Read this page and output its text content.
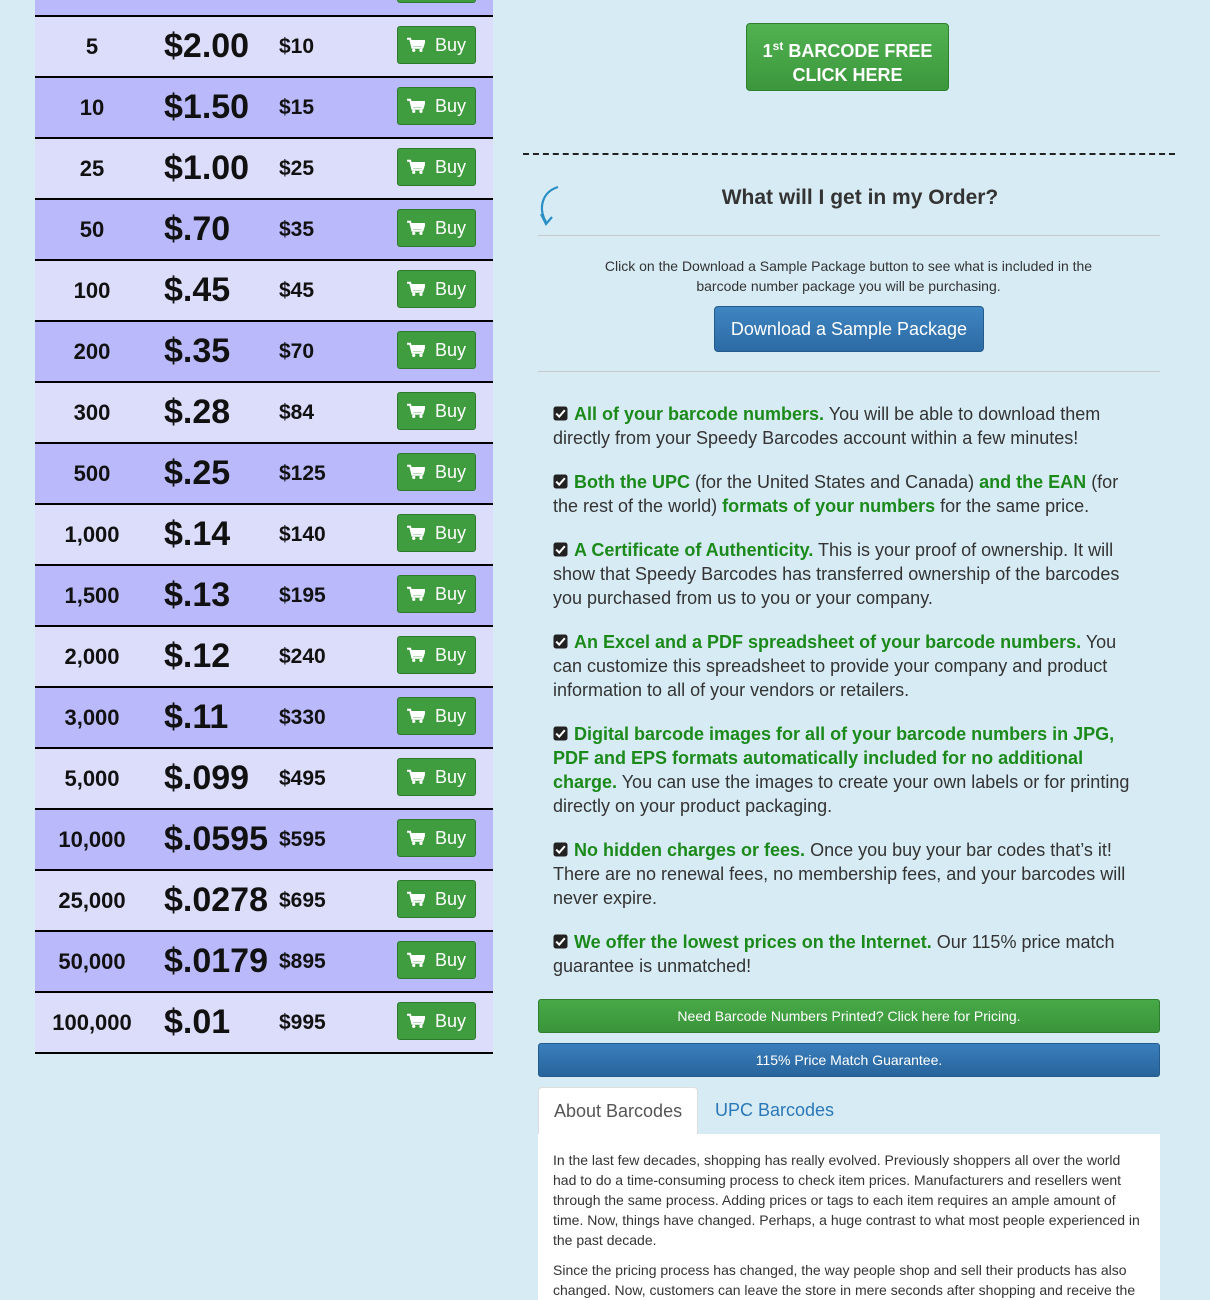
5	$2.00 $10	Buy
10	$1.50 $15	Buy
25	$1.00 $25	Buy
50	$.70 $35	Buy
100	$.45 $45	Buy
200	$.35 $70	Buy
300	$.28 $84	Buy
500	$.25 $125	Buy
1,000	$.14 $140	Buy
1,500	$.13 $195	Buy
2,000	$.12 $240	Buy
3,000	$.11 $330	Buy
5,000	$.099 $495	Buy
10,000	$.0595 $595	Buy
25,000	$.0278 $695	Buy
50,000	$.0179 $895	Buy
100,000 $.01 $995	Buy
1st BARCODE FREE
CLICK HERE
What will I get in my Order?
Click on the Download a Sample Package button to see what is included in the barcode number package you will be purchasing.
Download a Sample Package
All of your barcode numbers. You will be able to download them directly from your Speedy Barcodes account within a few minutes!
Both the UPC (for the United States and Canada) and the EAN (for the rest of the world) formats of your numbers for the same price.
A Certificate of Authenticity. This is your proof of ownership. It will show that Speedy Barcodes has transferred ownership of the barcodes you purchased from us to you or your company.
An Excel and a PDF spreadsheet of your barcode numbers. You can customize this spreadsheet to provide your company and product information to all of your vendors or retailers.
Digital barcode images for all of your barcode numbers in JPG, PDF and EPS formats automatically included for no additional charge. You can use the images to create your own labels or for printing directly on your product packaging.
No hidden charges or fees. Once you buy your bar codes that’s it! There are no renewal fees, no membership fees, and your barcodes will never expire.
We offer the lowest prices on the Internet. Our 115% price match guarantee is unmatched!
Need Barcode Numbers Printed? Click here for Pricing.
115% Price Match Guarantee.
About Barcodes	UPC Barcodes

In the last few decades, shopping has really evolved. Previously shoppers all over the world had to do a time-consuming process to check item prices. Manufacturers and resellers went through the same process. Adding prices or tags to each item requires an ample amount of time. Now, things have changed. Perhaps, a huge contrast to what most people experienced in the past decade.

Since the pricing process has changed, the way people shop and sell their products has also changed. Now, customers can leave the store in mere seconds after shopping and receive the
